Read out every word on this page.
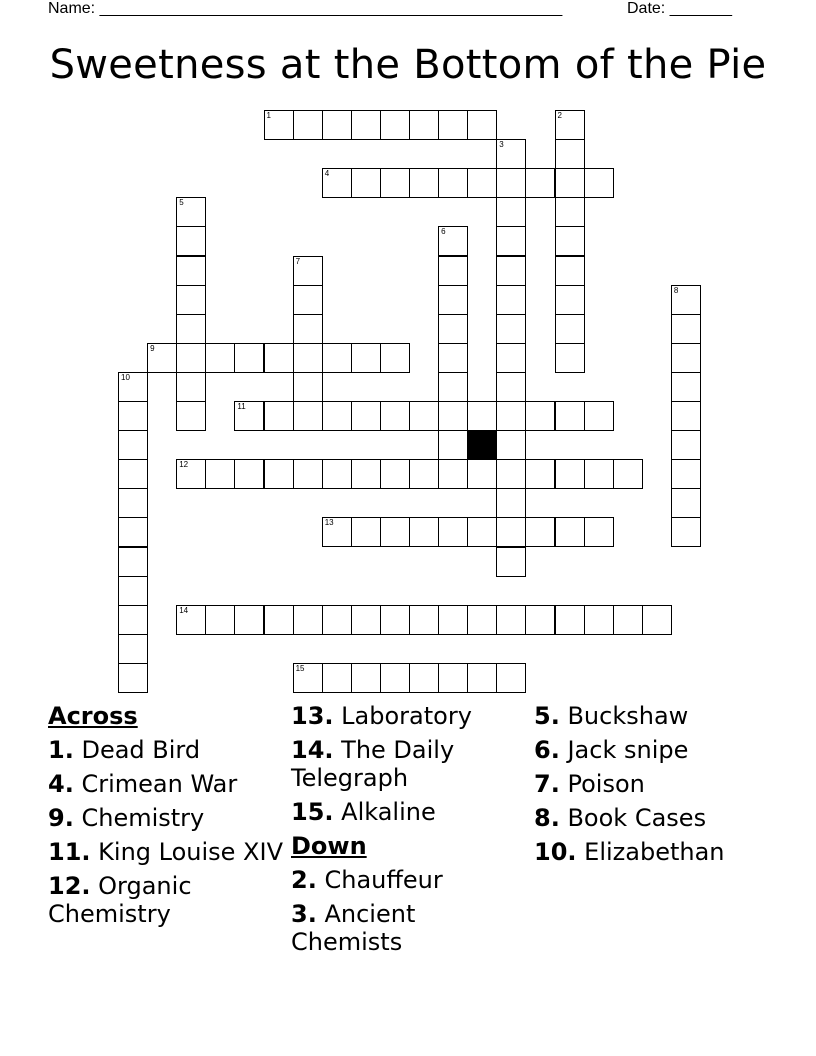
Name: ____________________________________________________	Date: _______
Sweetness at the Bottom of the Pie
1	2
3
4
5
6
7
8
9
10
11
12
13
14
15
Across
1. Dead Bird
4. Crimean War
9. Chemistry
11. King Louise XIV
12. Organic Chemistry
13. Laboratory
14. The Daily Telegraph
15. Alkaline
Down
2. Chauffeur
3. Ancient Chemists
5. Buckshaw
6. Jack snipe
7. Poison
8. Book Cases
10. Elizabethan
